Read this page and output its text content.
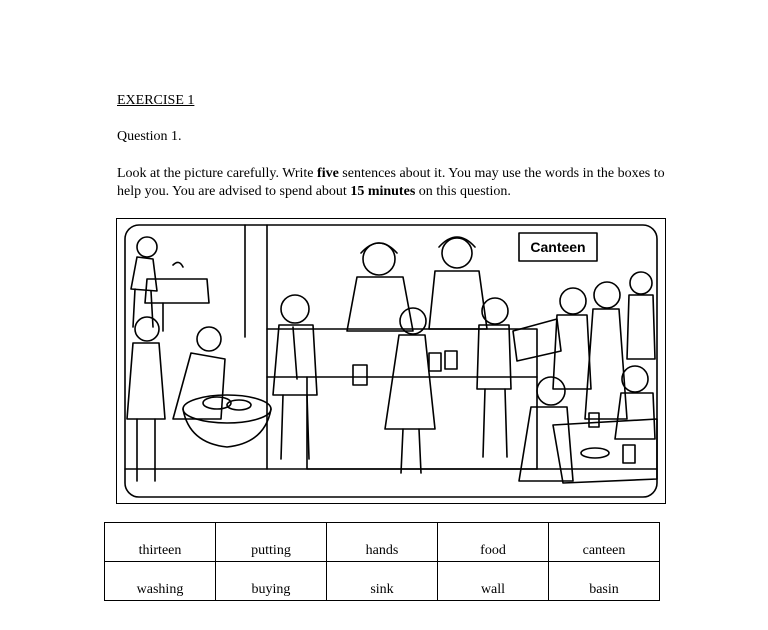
EXERCISE 1
Question 1.
Look at the picture carefully. Write five sentences about it. You may use the words in the boxes to help you. You are advised to spend about 15 minutes on this question.
Canteen
thirteen	putting	hands	food	canteen
washing	buying	sink	wall	basin
